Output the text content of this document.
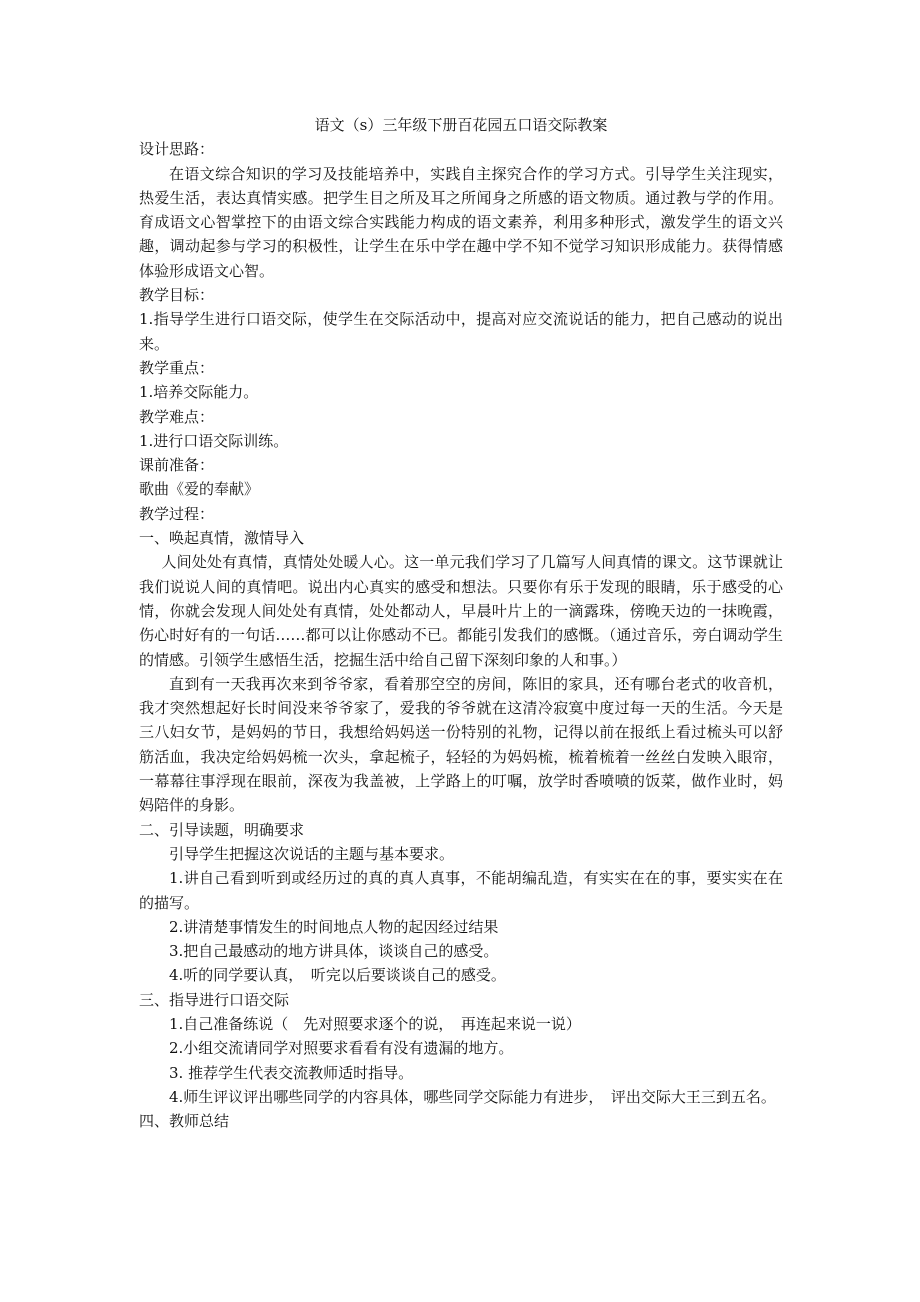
语文（s）三年级下册百花园五口语交际教案

设计思路：

在语文综合知识的学习及技能培养中，实践自主探究合作的学习方式。引导学生关注现实，热爱生活，表达真情实感。把学生目之所及耳之所闻身之所感的语文物质。通过教与学的作用。育成语文心智掌控下的由语文综合实践能力构成的语文素养，利用多种形式，激发学生的语文兴趣，调动起参与学习的积极性，让学生在乐中学在趣中学不知不觉学习知识形成能力。获得情感体验形成语文心智。

教学目标：

1.指导学生进行口语交际，使学生在交际活动中，提高对应交流说话的能力，把自己感动的说出来。

教学重点：

1.培养交际能力。

教学难点：

1.进行口语交际训练。

课前准备：

歌曲《爱的奉献》

教学过程：

一、唤起真情，激情导入

人间处处有真情，真情处处暖人心。这一单元我们学习了几篇写人间真情的课文。这节课就让我们说说人间的真情吧。说出内心真实的感受和想法。只要你有乐于发现的眼睛，乐于感受的心情，你就会发现人间处处有真情，处处都动人，早晨叶片上的一滴露珠，傍晚天边的一抹晚霞，伤心时好有的一句话……都可以让你感动不已。都能引发我们的感慨。（通过音乐，旁白调动学生的情感。引领学生感悟生活，挖掘生活中给自己留下深刻印象的人和事。）

直到有一天我再次来到爷爷家，看着那空空的房间，陈旧的家具，还有哪台老式的收音机，我才突然想起好长时间没来爷爷家了，爱我的爷爷就在这清冷寂寞中度过每一天的生活。今天是三八妇女节，是妈妈的节日，我想给妈妈送一份特别的礼物，记得以前在报纸上看过梳头可以舒筋活血，我决定给妈妈梳一次头，拿起梳子，轻轻的为妈妈梳，梳着梳着一丝丝白发映入眼帘，一幕幕往事浮现在眼前，深夜为我盖被，上学路上的叮嘱，放学时香喷喷的饭菜，做作业时，妈妈陪伴的身影。

二、引导读题，明确要求

引导学生把握这次说话的主题与基本要求。

1.讲自己看到听到或经历过的真的真人真事，不能胡编乱造，有实实在在的事，要实实在在的描写。

2.讲清楚事情发生的时间地点人物的起因经过结果

3.把自己最感动的地方讲具体，谈谈自己的感受。

4.听的同学要认真，　听完以后要谈谈自己的感受。

三、指导进行口语交际

1.自己准备练说（　先对照要求逐个的说，　再连起来说一说）

2.小组交流请同学对照要求看看有没有遗漏的地方。

3. 推荐学生代表交流教师适时指导。

4.师生评议评出哪些同学的内容具体，哪些同学交际能力有进步，　评出交际大王三到五名。

四、教师总结
